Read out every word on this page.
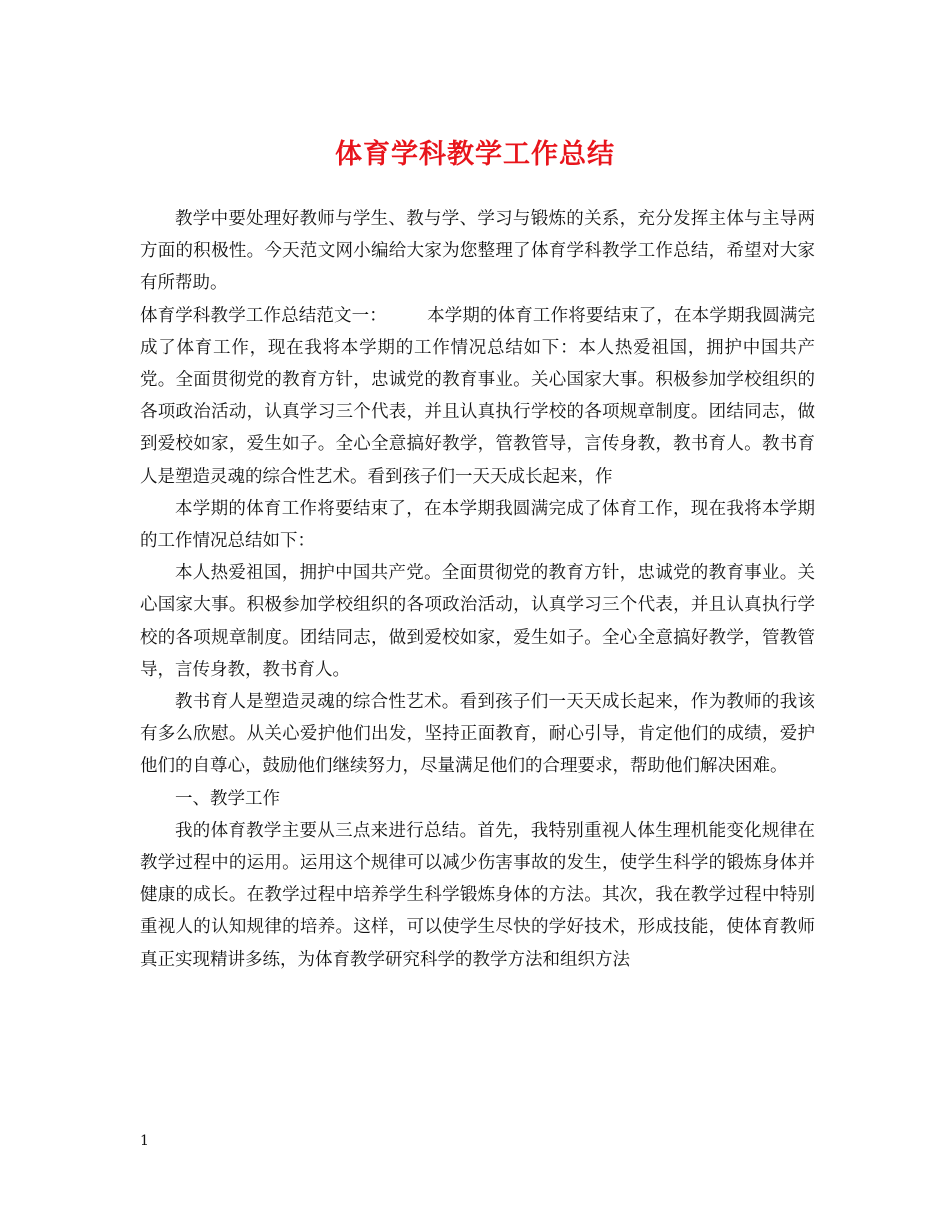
体育学科教学工作总结

教学中要处理好教师与学生、教与学、学习与锻炼的关系，充分发挥主体与主导两方面的积极性。今天范文网小编给大家为您整理了体育学科教学工作总结，希望对大家有所帮助。

体育学科教学工作总结范文一： 本学期的体育工作将要结束了，在本学期我圆满完成了体育工作，现在我将本学期的工作情况总结如下：本人热爱祖国，拥护中国共产党。全面贯彻党的教育方针，忠诚党的教育事业。关心国家大事。积极参加学校组织的各项政治活动，认真学习三个代表，并且认真执行学校的各项规章制度。团结同志，做到爱校如家，爱生如子。全心全意搞好教学，管教管导，言传身教，教书育人。教书育人是塑造灵魂的综合性艺术。看到孩子们一天天成长起来，作

本学期的体育工作将要结束了，在本学期我圆满完成了体育工作，现在我将本学期的工作情况总结如下：

本人热爱祖国，拥护中国共产党。全面贯彻党的教育方针，忠诚党的教育事业。关心国家大事。积极参加学校组织的各项政治活动，认真学习三个代表，并且认真执行学校的各项规章制度。团结同志，做到爱校如家，爱生如子。全心全意搞好教学，管教管导，言传身教，教书育人。

教书育人是塑造灵魂的综合性艺术。看到孩子们一天天成长起来，作为教师的我该有多么欣慰。从关心爱护他们出发，坚持正面教育，耐心引导，肯定他们的成绩，爱护他们的自尊心，鼓励他们继续努力，尽量满足他们的合理要求，帮助他们解决困难。

一、教学工作

我的体育教学主要从三点来进行总结。首先，我特别重视人体生理机能变化规律在教学过程中的运用。运用这个规律可以减少伤害事故的发生，使学生科学的锻炼身体并健康的成长。在教学过程中培养学生科学锻炼身体的方法。其次，我在教学过程中特别重视人的认知规律的培养。这样，可以使学生尽快的学好技术，形成技能，使体育教师真正实现精讲多练，为体育教学研究科学的教学方法和组织方法

1
